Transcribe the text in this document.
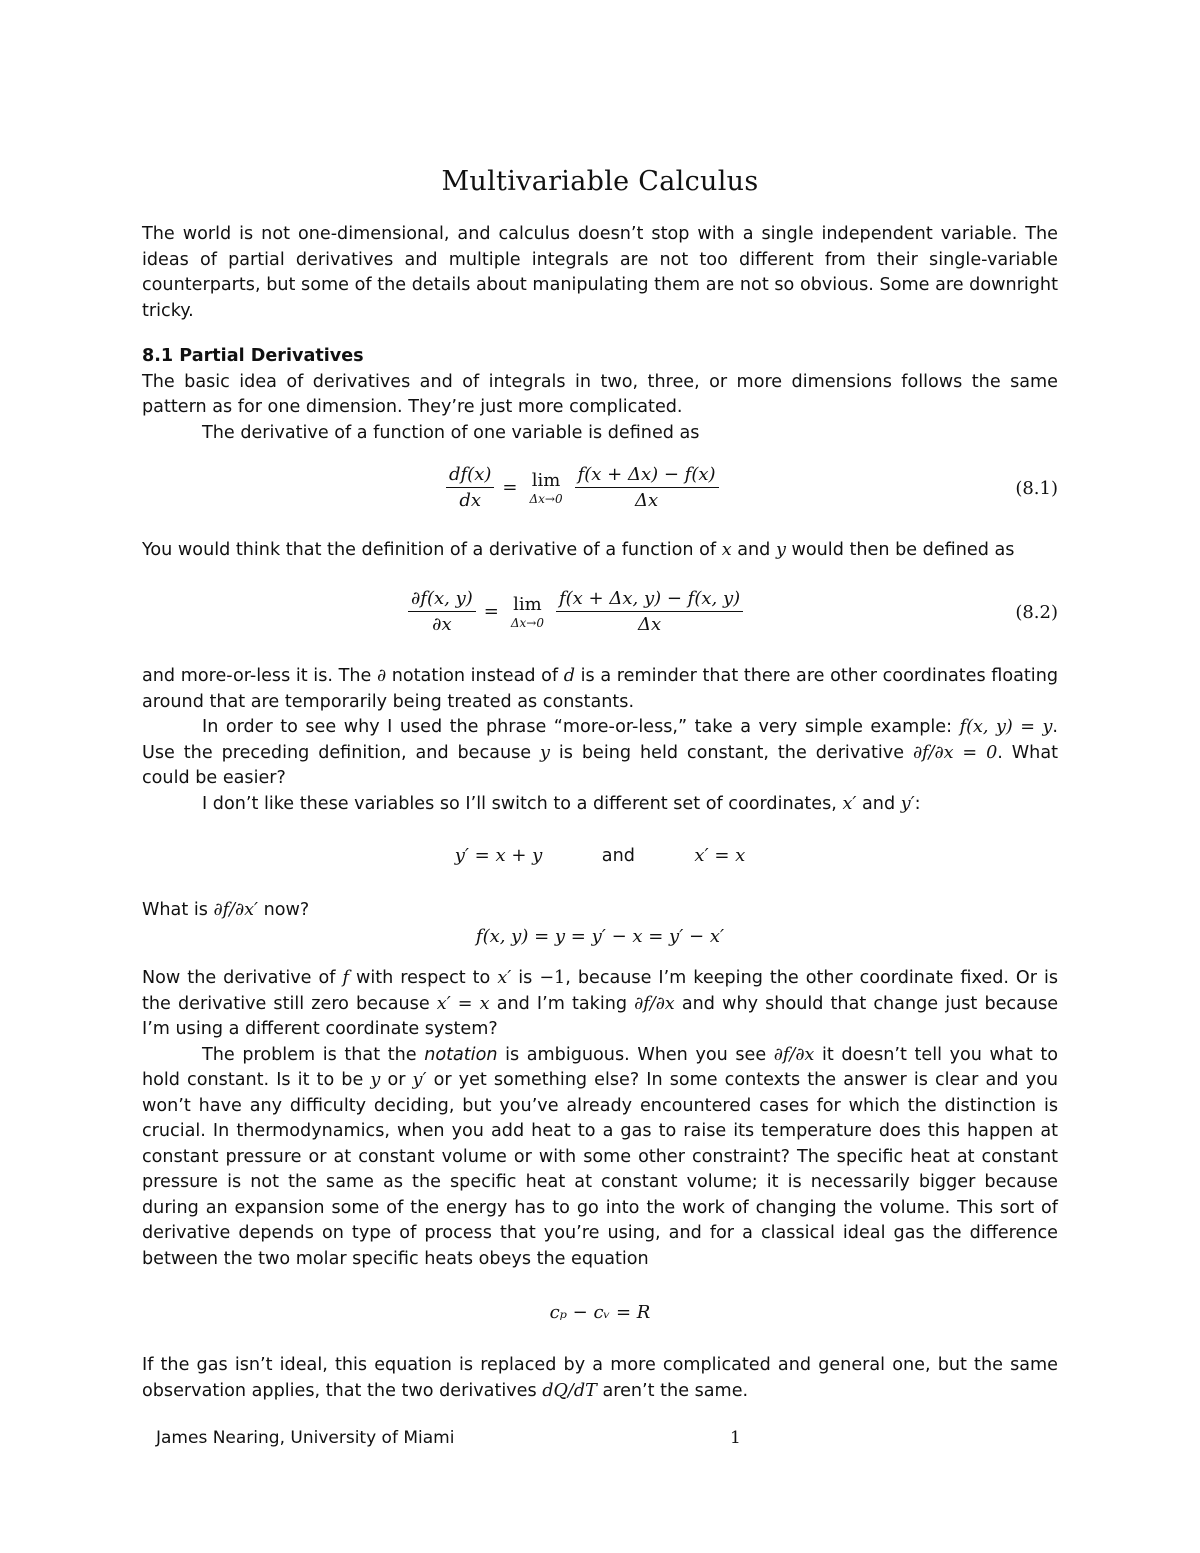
Multivariable Calculus

The world is not one-dimensional, and calculus doesn’t stop with a single independent variable. The ideas of partial derivatives and multiple integrals are not too different from their single-variable counterparts, but some of the details about manipulating them are not so obvious. Some are downright tricky.

8.1 Partial Derivatives

The basic idea of derivatives and of integrals in two, three, or more dimensions follows the same pattern as for one dimension. They’re just more complicated.

The derivative of a function of one variable is defined as

$\frac{df(x)}{dx} = \lim$
$\Delta x\to 0 \frac{f(x + \Delta x) - f(x)}{\Delta x}$	(8.1)

You would think that the definition of a derivative of a function of x and y would then be defined as

$\frac{\partial f(x, y)}{\partial x} = \lim$
$\Delta x\to 0 \frac{f(x + \Delta x, y) - f(x, y)}{\Delta x}$	(8.2)

and more-or-less it is. The ∂ notation instead of d is a reminder that there are other coordinates floating around that are temporarily being treated as constants.

In order to see why I used the phrase “more-or-less,” take a very simple example: f(x, y) = y. Use the preceding definition, and because y is being held constant, the derivative ∂f/∂x = 0. What could be easier?

I don’t like these variables so I’ll switch to a different set of coordinates, x′ and y′:

y′ = x + y	and	x′ = x

What is ∂f/∂x′ now?

f(x, y) = y = y′ − x = y′ − x′

Now the derivative of f with respect to x′ is −1, because I’m keeping the other coordinate fixed. Or is the derivative still zero because x′ = x and I’m taking ∂f/∂x and why should that change just because I’m using a different coordinate system?

The problem is that the notation is ambiguous. When you see ∂f/∂x it doesn’t tell you what to hold constant. Is it to be y or y′ or yet something else? In some contexts the answer is clear and you won’t have any difficulty deciding, but you’ve already encountered cases for which the distinction is crucial. In thermodynamics, when you add heat to a gas to raise its temperature does this happen at constant pressure or at constant volume or with some other constraint? The specific heat at constant pressure is not the same as the specific heat at constant volume; it is necessarily bigger because during an expansion some of the energy has to go into the work of changing the volume. This sort of derivative depends on type of process that you’re using, and for a classical ideal gas the difference between the two molar specific heats obeys the equation

cₚ − cᵥ = R

If the gas isn’t ideal, this equation is replaced by a more complicated and general one, but the same observation applies, that the two derivatives dQ/dT aren’t the same.

James Nearing, University of Miami	1
